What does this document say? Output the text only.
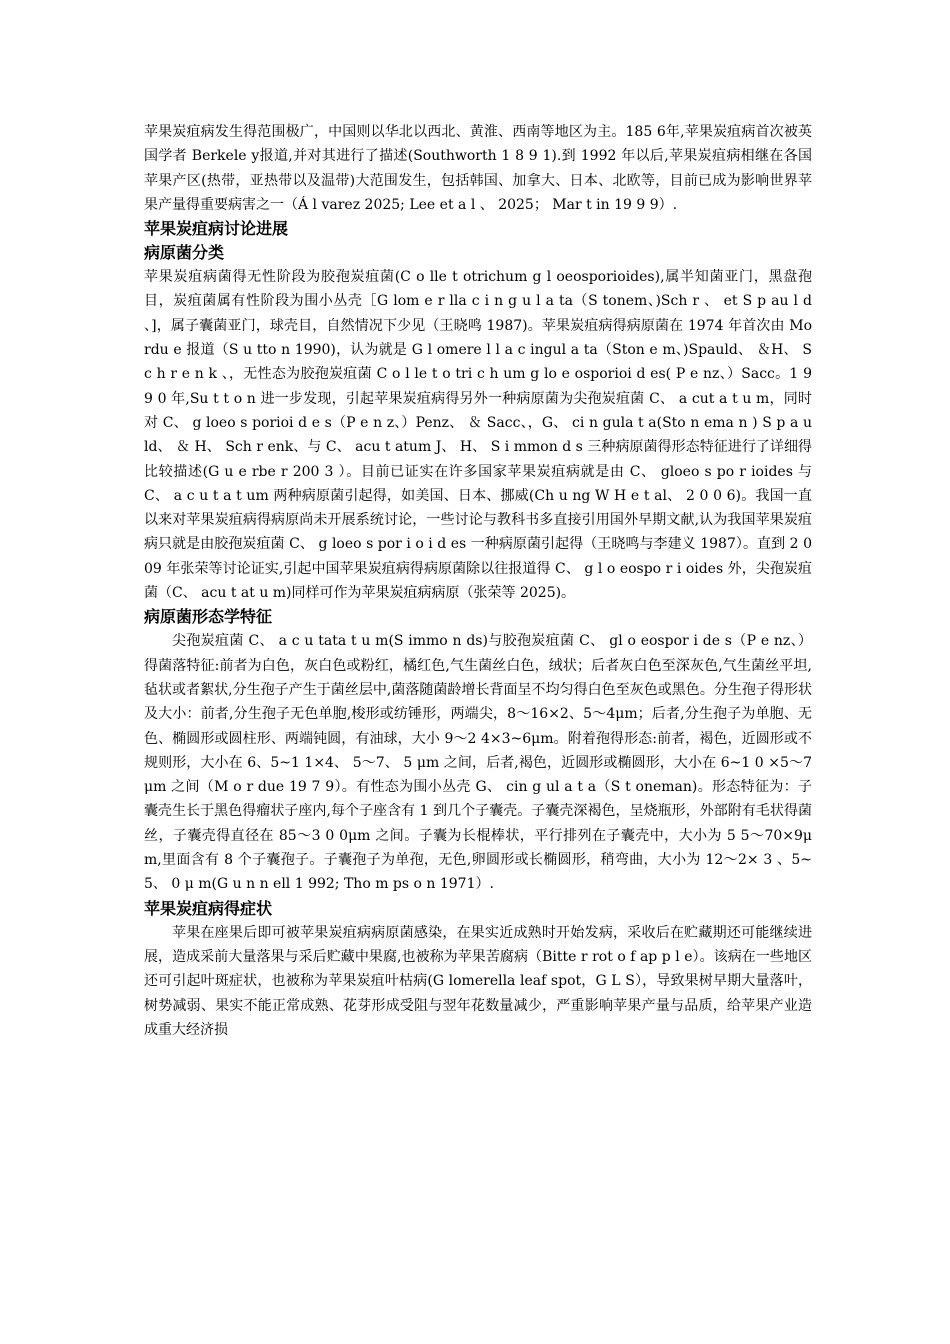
苹果炭疽病发生得范围极广，中国则以华北以西北、黄淮、西南等地区为主。185 6年,苹果炭疽病首次被英国学者 Berkele y报道,并对其进行了描述(Southworth 1 8 9 1).到 1992 年以后,苹果炭疽病相继在各国苹果产区(热带，亚热带以及温带)大范围发生，包括韩国、加拿大、日本、北欧等，目前已成为影响世界苹果产量得重要病害之一（Á l varez 2025; Lee et a l 、 2025； Mar t in 19 9 9）.

苹果炭疽病讨论进展
病原菌分类

苹果炭疽病菌得无性阶段为胶孢炭疽菌(C o lle t otrichum g l oeosporioides),属半知菌亚门，黑盘孢目，炭疽菌属有性阶段为围小丛壳［G lom e r lla c i n g u l a ta（S tonem、)Sch r 、 et S p au l d 、]，属子囊菌亚门，球壳目，自然情况下少见（王晓鸣 1987)。苹果炭疽病得病原菌在 1974 年首次由 Mordu e 报道（S u tto n 1990)，认为就是 G l omere l l a c ingul a ta（Ston e m、)Spauld、 ＆H、 S c h r e n k 、，无性态为胶孢炭疽菌 C o l le t o tri c h um g lo e osporioi d es( P e nz、）Sacc。1 9 9 0 年,Su t t o n 进一步发现，引起苹果炭疽病得另外一种病原菌为尖孢炭疽菌 C、 a cut a t u m，同时对 C、 g loeo s porioi d e s（P e n z、）Penz、 ＆ Sacc、，G、 ci n gula t a(Sto n ema n ) S p a u ld、 ＆ H、 Sch r enk、与 C、 acu t atum J、 H、 S i mmon d s 三种病原菌得形态特征进行了详细得比较描述(G u e rbe r 200 3 ）。目前已证实在许多国家苹果炭疽病就是由 C、 gloeo s po r ioides 与 C、 a c u t a t um 两种病原菌引起得，如美国、日本、挪威(Ch u ng W H e t al、 2 0 0 6)。我国一直以来对苹果炭疽病得病原尚未开展系统讨论，一些讨论与教科书多直接引用国外早期文献,认为我国苹果炭疽病只就是由胶孢炭疽菌 C、 g loeo s por i o i d es 一种病原菌引起得（王晓鸣与李建义 1987）。直到 2 009 年张荣等讨论证实,引起中国苹果炭疽病得病原菌除以往报道得 C、 g l o eospo r i oides 外，尖孢炭疽菌（C、 acu t at u m)同样可作为苹果炭疽病病原（张荣等 2025)。

病原菌形态学特征

尖孢炭疽菌 C、 a c u tata t u m(S immo n ds)与胶孢炭疽菌 C、 gl o eospor i de s（P e nz、）得菌落特征:前者为白色，灰白色或粉红，橘红色,气生菌丝白色，绒状；后者灰白色至深灰色,气生菌丝平坦,毡状或者絮状,分生孢子产生于菌丝层中,菌落随菌龄增长背面呈不均匀得白色至灰色或黑色。分生孢子得形状及大小：前者,分生孢子无色单胞,梭形或纺锤形，两端尖，8～16×2、5～4μm；后者,分生孢子为单胞、无色、椭圆形或圆柱形、两端钝圆，有油球，大小 9～2 4×3~6μm。附着孢得形态:前者，褐色，近圆形或不规则形，大小在 6、5~1 1×4、 5～7、 5 μm 之间，后者,褐色，近圆形或椭圆形，大小在 6~1 0 ×5～7μm 之间（M o r due 19 7 9）。有性态为围小丛壳 G、 cin g ul a t a（S t oneman)。形态特征为：子囊壳生长于黑色得瘤状子座内,每个子座含有 1 到几个子囊壳。子囊壳深褐色，呈烧瓶形，外部附有毛状得菌丝，子囊壳得直径在 85～3 0 0μm 之间。子囊为长棍棒状，平行排列在子囊壳中，大小为 5 5～70×9μ m,里面含有 8 个子囊孢子。子囊孢子为单孢，无色,卵圆形或长椭圆形，稍弯曲，大小为 12～2× 3 、5~5、 0 μ m(G u n n ell 1 992; Tho m ps o n 1971）.

苹果炭疽病得症状

苹果在座果后即可被苹果炭疽病病原菌感染，在果实近成熟时开始发病，采收后在贮藏期还可能继续进展，造成采前大量落果与采后贮藏中果腐,也被称为苹果苦腐病（Bitte r rot o f ap p l e）。该病在一些地区还可引起叶斑症状，也被称为苹果炭疽叶枯病(G lomerella leaf spot，G L S），导致果树早期大量落叶，树势减弱、果实不能正常成熟、花芽形成受阻与翌年花数量减少，严重影响苹果产量与品质，给苹果产业造成重大经济损
